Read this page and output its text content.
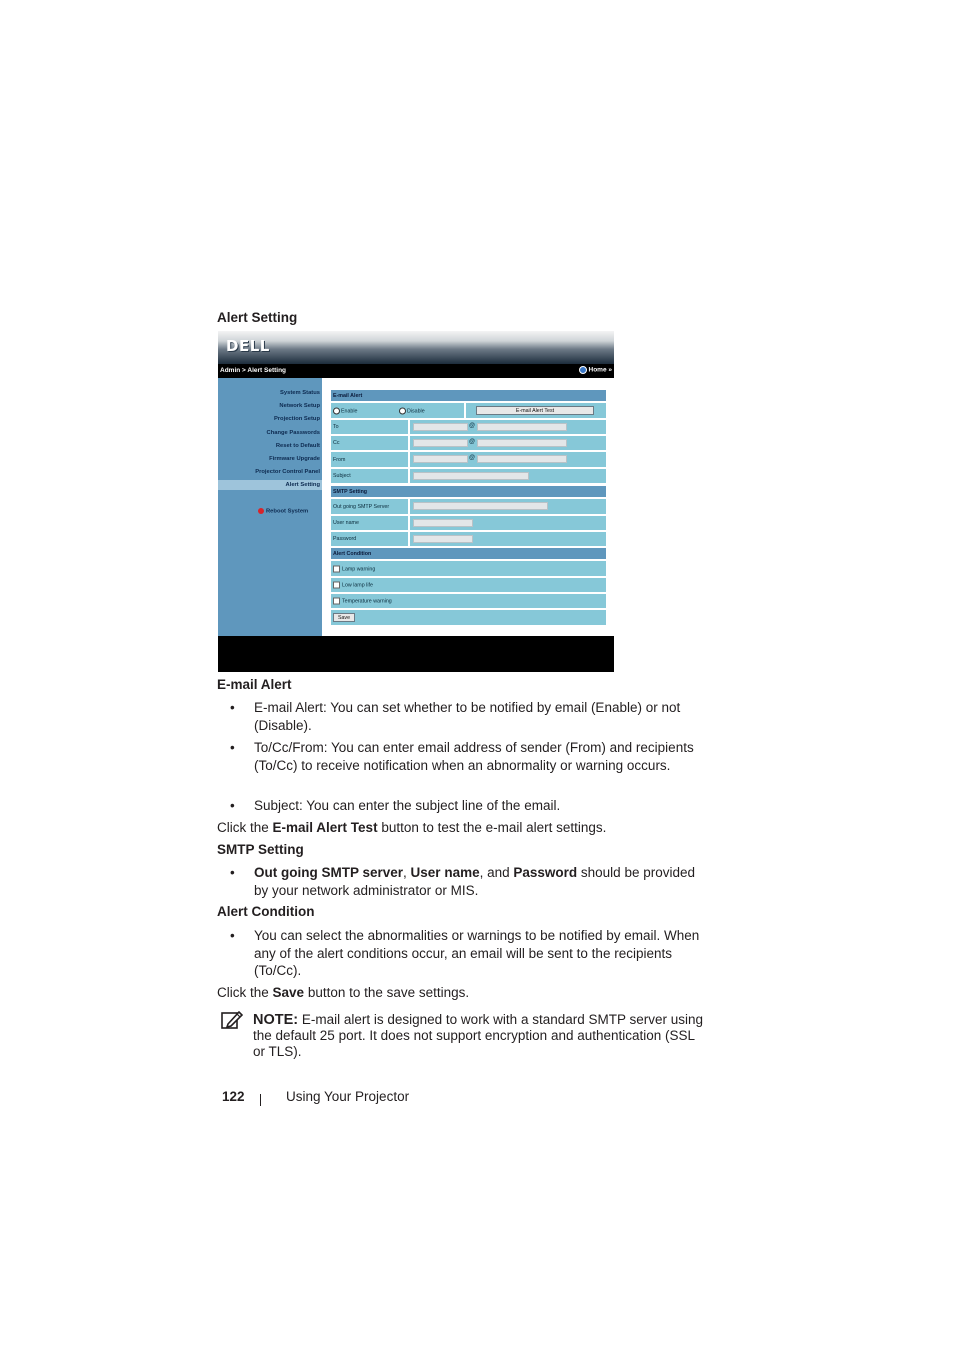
Alert Setting
DELL
Admin > Alert Setting	Home »
System Status
Network Setup
Projection Setup
Change Passwords
Reset to Default
Firmware Upgrade
Projector Control Panel
Alert Setting
Reboot System
E-mail Alert
Enable	Disable	E-mail Alert Test
To	@
Cc	@
From	@
Subject
SMTP Setting
Out going SMTP Server
User name
Password
Alert Condition
Lamp warning
Low lamp life
Temperature warning
Save
E-mail Alert
• E-mail Alert: You can set whether to be notified by email (Enable) or not (Disable).
• To/Cc/From: You can enter email address of sender (From) and recipients (To/Cc) to receive notification when an abnormality or warning occurs.
• Subject: You can enter the subject line of the email.
Click the E-mail Alert Test button to test the e-mail alert settings.
SMTP Setting
• Out going SMTP server, User name, and Password should be provided by your network administrator or MIS.
Alert Condition
• You can select the abnormalities or warnings to be notified by email. When any of the alert conditions occur, an email will be sent to the recipients (To/Cc).
Click the Save button to the save settings.
NOTE: E-mail alert is designed to work with a standard SMTP server using the default 25 port. It does not support encryption and authentication (SSL or TLS).
122	Using Your Projector
